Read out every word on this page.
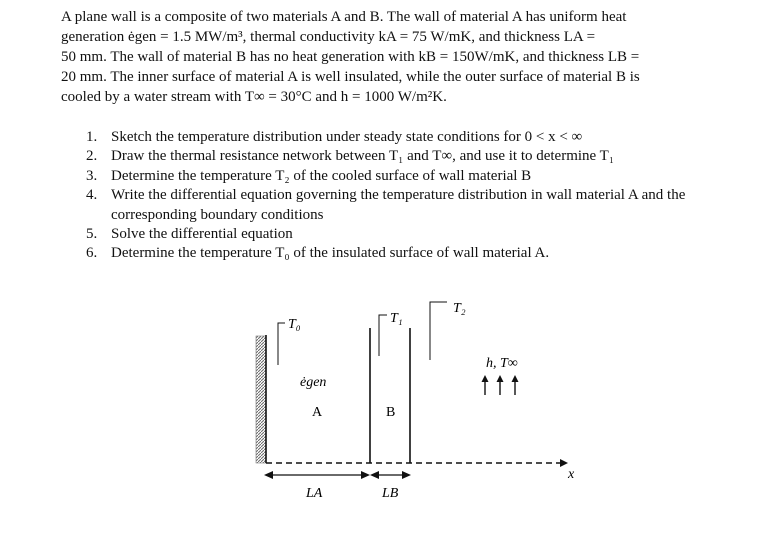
A plane wall is a composite of two materials A and B. The wall of material A has uniform heat
generation ėgen = 1.5 MW/m³, thermal conductivity kA = 75 W/mK, and thickness LA =
50 mm. The wall of material B has no heat generation with kB = 150W/mK, and thickness LB =
20 mm. The inner surface of material A is well insulated, while the outer surface of material B is
cooled by a water stream with T∞ = 30°C and h = 1000 W/m²K.
1. Sketch the temperature distribution under steady state conditions for 0 < x < ∞
2. Draw the thermal resistance network between T₁ and T∞, and use it to determine T₁
3. Determine the temperature T₂ of the cooled surface of wall material B
4. Write the differential equation governing the temperature distribution in wall material A and the corresponding boundary conditions
5. Solve the differential equation
6. Determine the temperature T₀ of the insulated surface of wall material A.
T₀	T₁
T₂
ėgen
A	B
h, T∞
x
LA	LB
